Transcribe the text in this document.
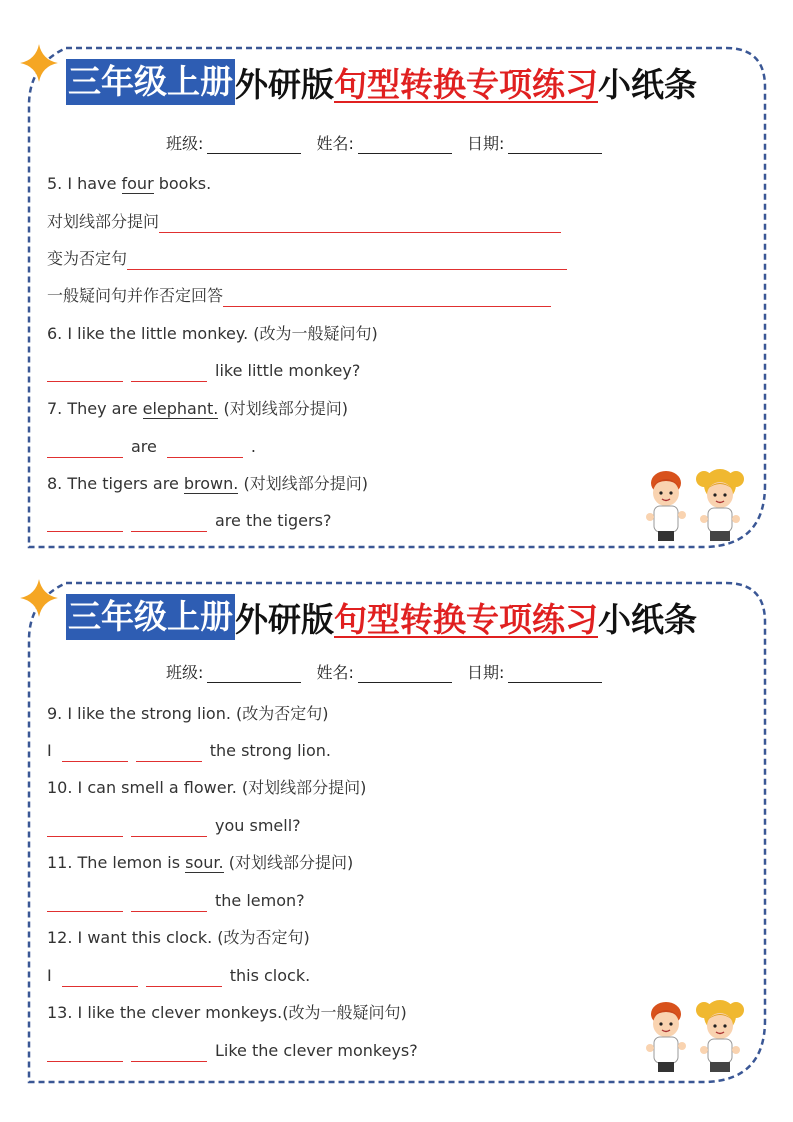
三年级上册 外研版 句型转换专项练习 小纸条
班级:	姓名:	日期:
5. I have four books.
对划线部分提问
变为否定句
一般疑问句并作否定回答
6. I like the little monkey. (改为一般疑问句)
like little monkey?
7. They are elephant. (对划线部分提问)
are	.
8. The tigers are brown. (对划线部分提问)
are the tigers?
三年级上册 外研版 句型转换专项练习 小纸条
班级:	姓名:	日期:
9. I like the strong lion. (改为否定句)
I	the strong lion.
10. I can smell a flower. (对划线部分提问)
you smell?
11. The lemon is sour. (对划线部分提问)
the lemon?
12. I want this clock. (改为否定句)
I	this clock.
13. I like the clever monkeys.(改为一般疑问句)
Like the clever monkeys?
